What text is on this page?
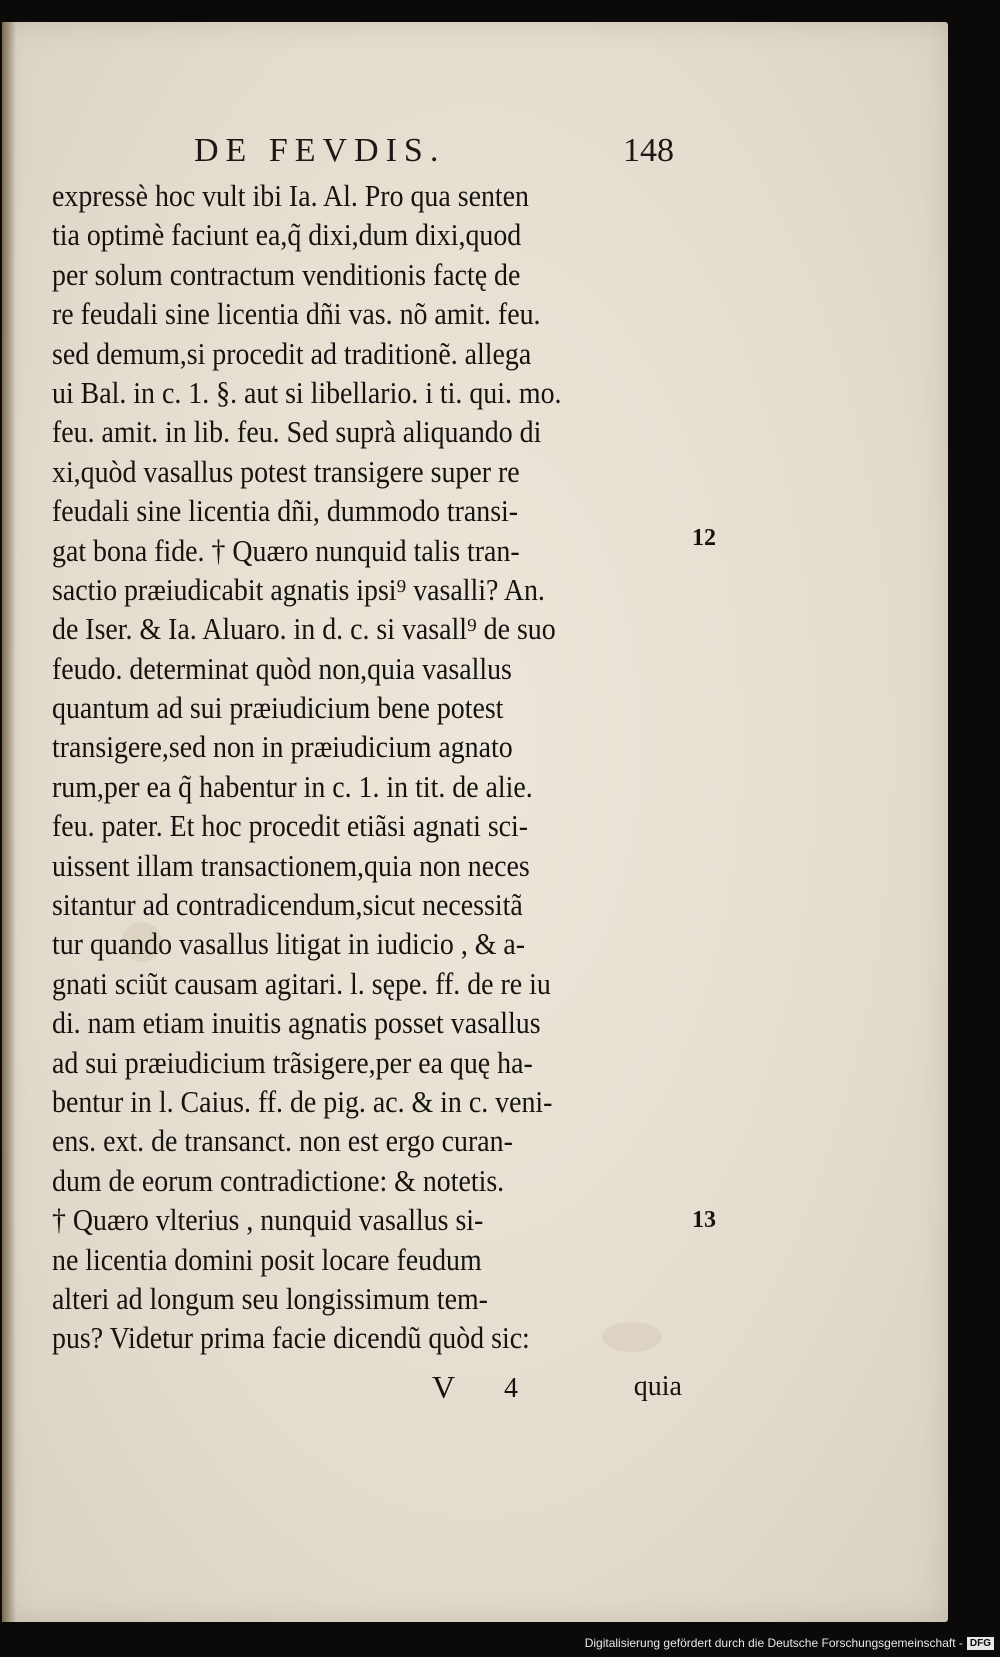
DE FEVDIS.	148
expressè hoc vult ibi Ia. Al. Pro qua senten
tia optimè faciunt ea,q̃ dixi,dum dixi,quod
per solum contractum venditionis factę de
re feudali sine licentia dñi vas. nõ amit. feu.
sed demum,si procedit ad traditionẽ. allega
ui Bal. in c. 1. §. aut si libellario. i ti. qui. mo.
feu. amit. in lib. feu. Sed suprà aliquando di
xi,quòd vasallus potest transigere super re
feudali sine licentia dñi, dummodo transi-
gat bona fide. † Quæro nunquid talis tran-
sactio præiudicabit agnatis ipsi⁹ vasalli? An.
de Iser. & Ia. Aluaro. in d. c. si vasall⁹ de suo
feudo. determinat quòd non,quia vasallus
quantum ad sui præiudicium bene potest
transigere,sed non in præiudicium agnato
rum,per ea q̃ habentur in c. 1. in tit. de alie.
feu. pater. Et hoc procedit etiãsi agnati sci-
uissent illam transactionem,quia non neces
sitantur ad contradicendum,sicut necessitã
tur quando vasallus litigat in iudicio , & a-
gnati sciũt causam agitari. l. sępe. ff. de re iu
di. nam etiam inuitis agnatis posset vasallus
ad sui præiudicium trãsigere,per ea quę ha-
bentur in l. Caius. ff. de pig. ac. & in c. veni-
ens. ext. de transanct. non est ergo curan-
dum de eorum contradictione: & notetis.
† Quæro vlterius , nunquid vasallus si-
ne licentia domini posit locare feudum
alteri ad longum seu longissimum tem-
pus? Videtur prima facie dicendũ quòd sic:
12
13
V 4	quia
Digitalisierung gefördert durch die Deutsche Forschungsgemeinschaft - DFG
